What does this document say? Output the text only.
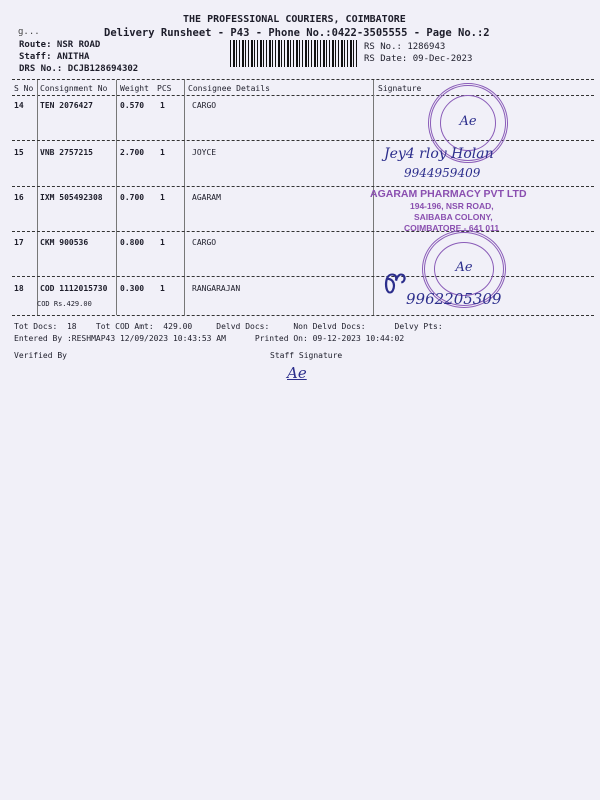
g...
THE PROFESSIONAL COURIERS, COIMBATORE
Delivery Runsheet - P43 - Phone No.:0422-3505555 - Page No.:2
Route: NSR ROAD
Staff: ANITHA
DRS No.: DCJB128694302
RS No.: 1286943
RS Date: 09-Dec-2023
S No Consignment No Weight PCS Consignee Details	Signature
14 TEN 2076427	0.570 1	CARGO
15 VNB 2757215	2.700 1	JOYCE
16 IXM 505492308 0.700 1	AGARAM
17 CKM 900536	0.800 1	CARGO
18 COD 1112015730 0.300 1	RANGARAJAN
COD Rs.429.00
Ae
Ae
Jey4 rloy Holan
9944959409
AGARAM PHARMACY PVT LTD
194-196, NSR ROAD,
SAIBABA COLONY,
COIMBATORE - 641 011
Ꮫ 9962205309
Tot Docs:  18    Tot COD Amt:  429.00     Delvd Docs:     Non Delvd Docs:      Delvy Pts:
Entered By :RESHMAP43 12/09/2023 10:43:53 AM      Printed On: 09-12-2023 10:44:02
Verified By	Staff Signature
Ae
